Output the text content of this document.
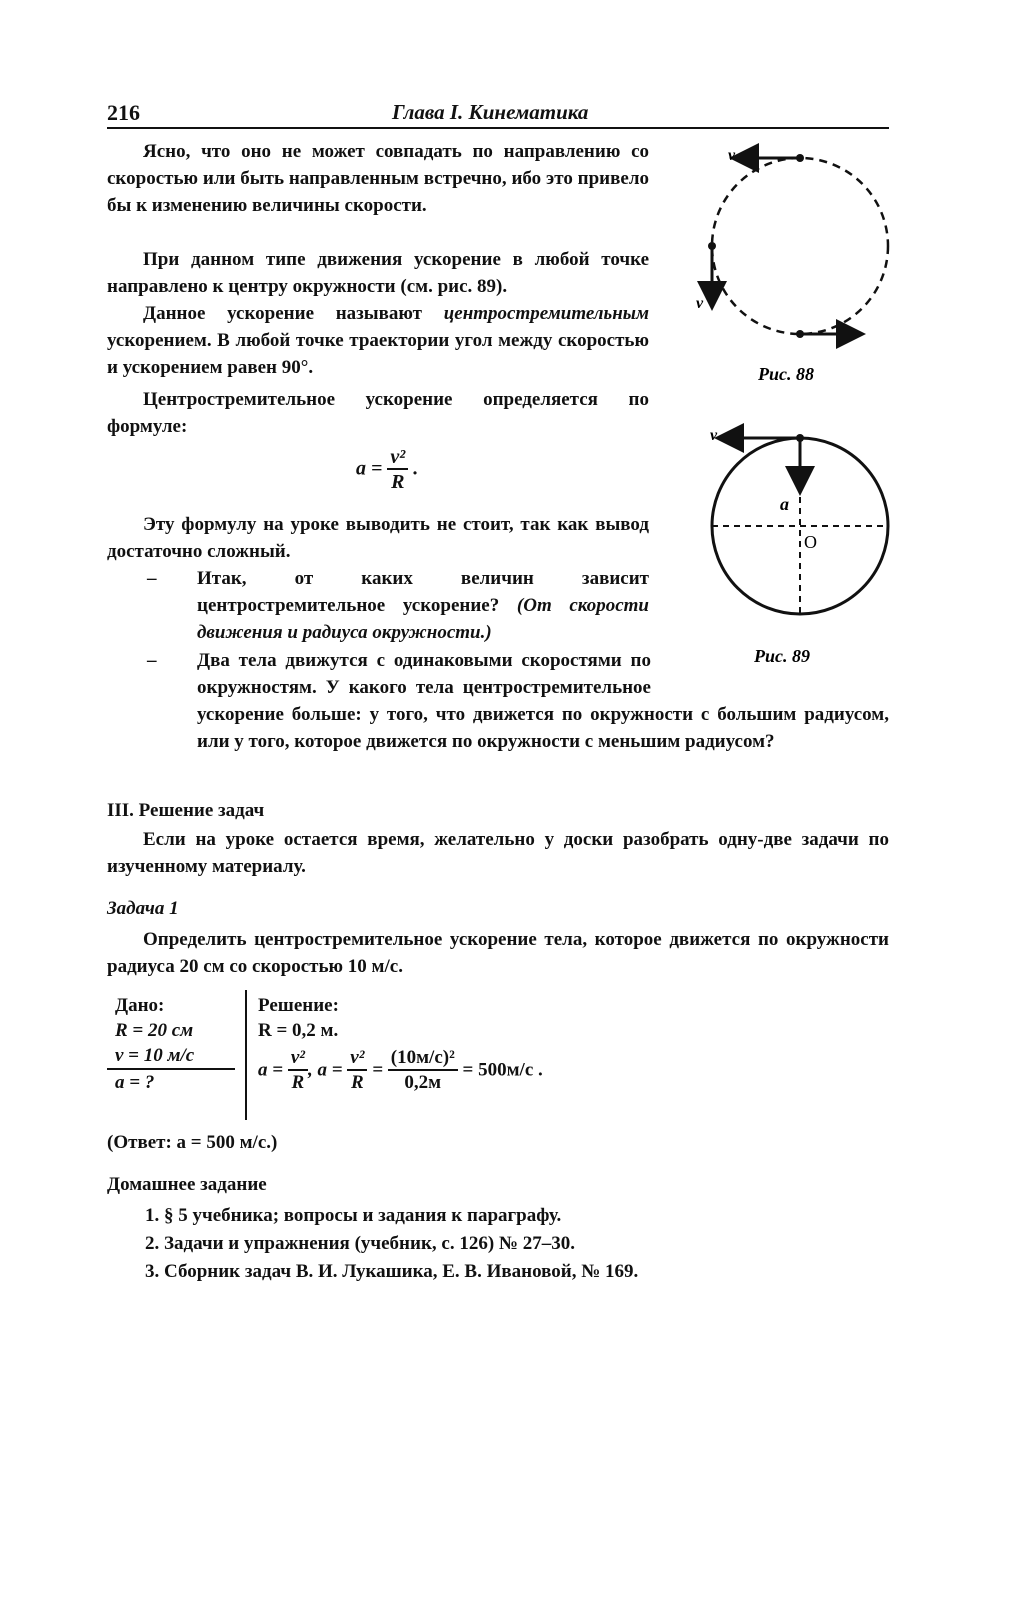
216	Глава I. Кинематика

Ясно, что оно не может совпадать по направлению со скоростью или быть направленным встречно, ибо это привело бы к изменению величины скорости.

При данном типе движения ускорение в любой точке направлено к центру окружности (см. рис. 89).

Данное ускорение называют центростремительным ускорением. В любой точке траектории угол между скоростью и ускорением равен 90°.

Центростремительное ускорение определяется по формуле:

$a = \frac{\text{v²}}{R}$ .

Эту формулу на уроке выводить не стоит, так как вывод достаточно сложный.

– Итак, от каких величин зависит центростремительное ускорение? (От скорости движения и радиуса окружности.)
– Два тела движутся с одинаковыми скоростями по окружностям. У какого тела центростремительное ускорение больше: у того, что движется по окружности с большим радиусом, или у того, которое движется по окружности с меньшим радиусом?
III. Решение задач

Если на уроке остается время, желательно у доски разобрать одну-две задачи по изученному материалу.

Задача 1

Определить центростремительное ускорение тела, которое движется по окружности радиуса 20 см со скоростью 10 м/с.

Дано:
R = 20 см
v = 10 м/с
a = ?
Решение:
R = 0,2 м.
$a = \frac{\text{v²}}{R}$ , $a = \frac{\text{v²}}{R} = \frac{\text{(10м/с)²}}{0,2м} = 500м/с$ .
(Ответ: a = 500 м/с.)
Домашнее задание
1. § 5 учебника; вопросы и задания к параграфу.
2. Задачи и упражнения (учебник, с. 126) № 27–30.
3. Сборник задач В. И. Лукашика, Е. В. Ивановой, № 169.
v
v
Рис. 88
v
a
O
Рис. 89
